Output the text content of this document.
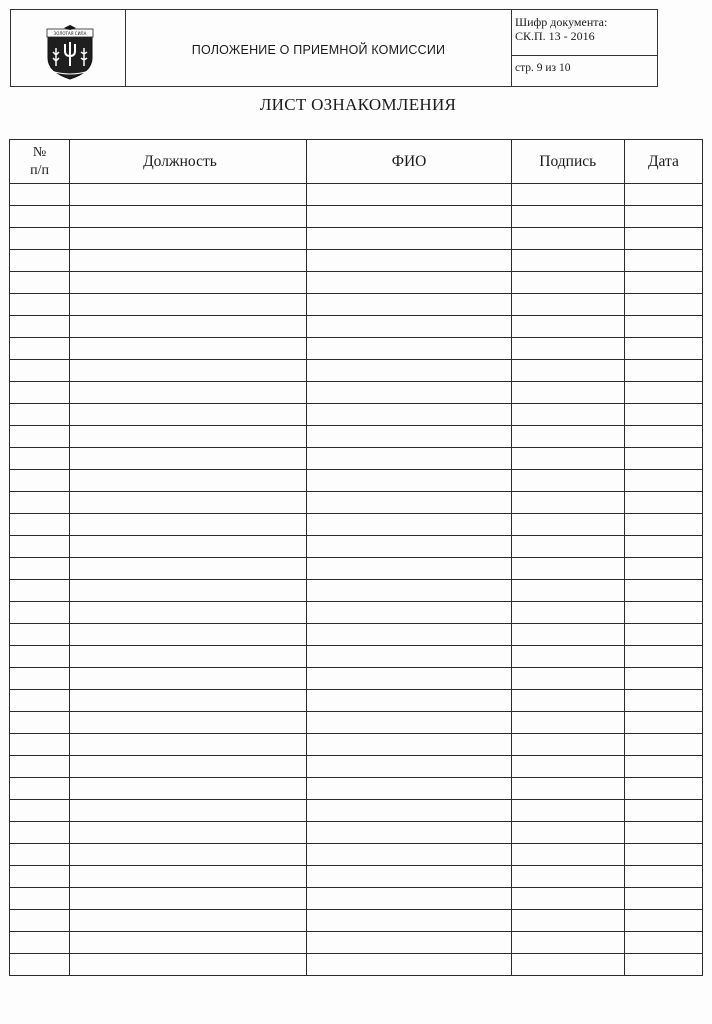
ЗОЛОТАЯ СИЛА
ПОЛОЖЕНИЕ О ПРИЕМНОЙ КОМИССИИ
Шифр документа:
СК.П. 13 - 2016
стр. 9 из 10
ЛИСТ ОЗНАКОМЛЕНИЯ
№
п/п	Должность	ФИО	Подпись	Дата
